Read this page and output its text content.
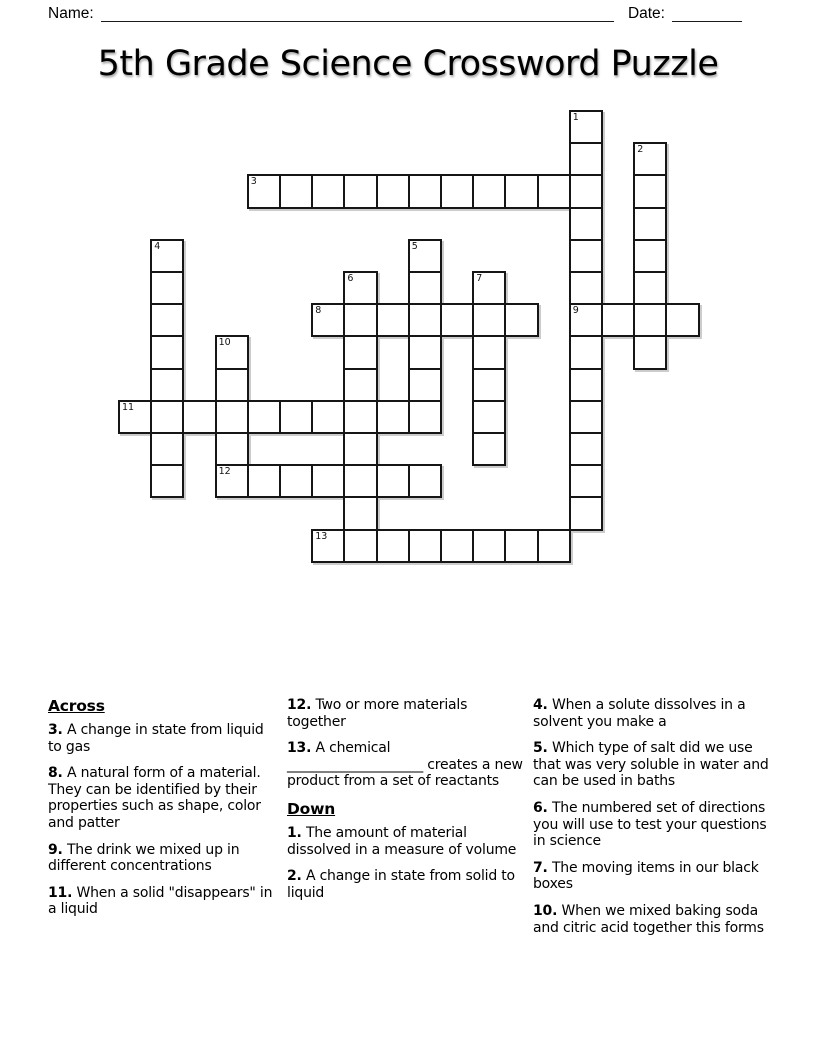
Name:	Date:
5th Grade Science Crossword Puzzle
1
2
3
4	5
6	7
8	9
10
11
12
13

Across

3. A change in state from liquid to gas

8. A natural form of a material. They can be identified by their properties such as shape, color and patter

9. The drink we mixed up in different concentrations

11. When a solid "disappears" in a liquid

12. Two or more materials together

13. A chemical ____________________ creates a new product from a set of reactants

Down

1. The amount of material dissolved in a measure of volume

2. A change in state from solid to liquid

4. When a solute dissolves in a solvent you make a

5. Which type of salt did we use that was very soluble in water and can be used in baths

6. The numbered set of directions you will use to test your questions in science

7. The moving items in our black boxes

10. When we mixed baking soda and citric acid together this forms
